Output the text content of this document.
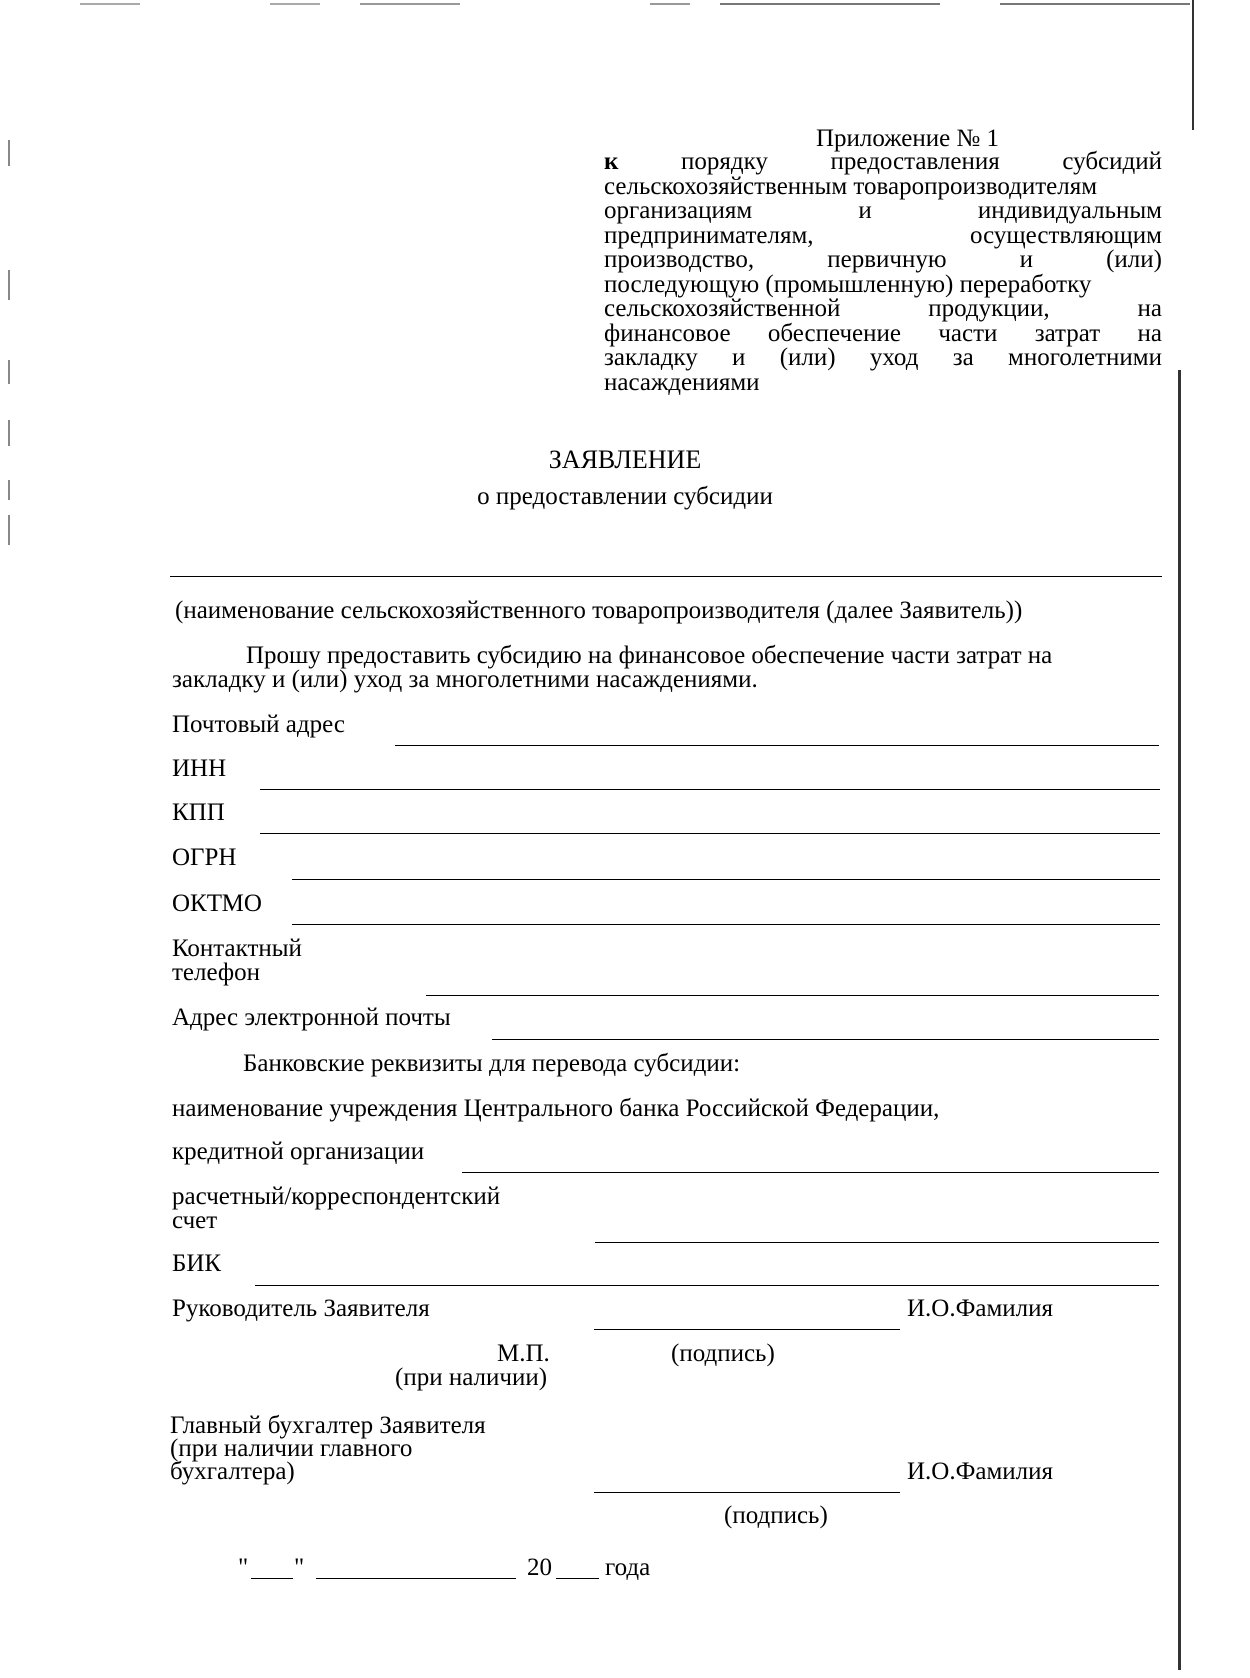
Приложение № 1
к	порядку	предоставления	субсидий
сельскохозяйственным товаропроизводителям
организациям	и	индивидуальным
предпринимателям,	осуществляющим
производство,	первичную	и	(или)
последующую (промышленную) переработку
сельскохозяйственной	продукции,	на
финансовое обеспечение части затрат на
закладку и (или) уход за многолетними
насаждениями
ЗАЯВЛЕНИЕ
о предоставлении субсидии
(наименование сельскохозяйственного товаропроизводителя (далее Заявитель))
Прошу предоставить субсидию на финансовое обеспечение части затрат на
закладку и (или) уход за многолетними насаждениями.
Почтовый адрес
ИНН
КПП
ОГРН
ОКТМО
Контактный
телефон
Адрес электронной почты
Банковские реквизиты для перевода субсидии:
наименование учреждения Центрального банка Российской Федерации,
кредитной организации
расчетный/корреспондентский
счет
БИК
Руководитель Заявителя	И.О.Фамилия
М.П.
(при наличии)
(подпись)
Главный бухгалтер Заявителя
(при наличии главного
бухгалтера)	И.О.Фамилия
(подпись)
" "	20 года
